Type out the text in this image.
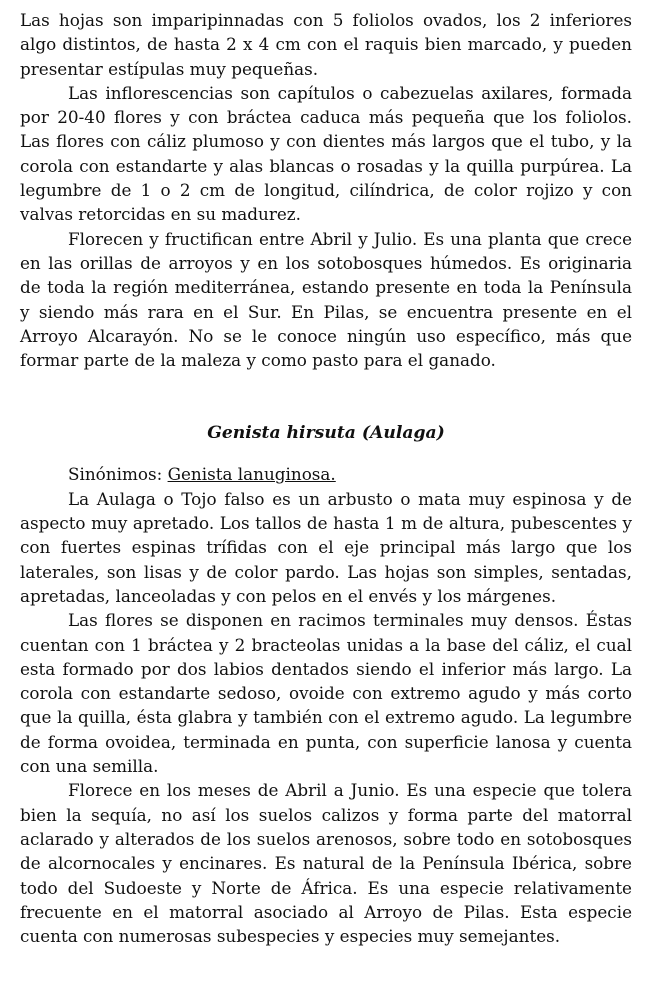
Las hojas son imparipinnadas con 5 foliolos ovados, los 2 inferiores algo distintos, de hasta 2 x 4 cm con el raquis bien marcado, y pueden presentar estípulas muy pequeñas.

Las inflorescencias son capítulos o cabezuelas axilares, formada por 20-40 flores y con bráctea caduca más pequeña que los foliolos. Las flores con cáliz plumoso y con dientes más largos que el tubo, y la corola con estandarte y alas blancas o rosadas y la quilla purpúrea. La legumbre de 1 o 2 cm de longitud, cilíndrica, de color rojizo y con valvas retorcidas en su madurez.

Florecen y fructifican entre Abril y Julio. Es una planta que crece en las orillas de arroyos y en los sotobosques húmedos. Es originaria de toda la región mediterránea, estando presente en toda la Península y siendo más rara en el Sur. En Pilas, se encuentra presente en el Arroyo Alcarayón. No se le conoce ningún uso específico, más que formar parte de la maleza y como pasto para el ganado.

Genista hirsuta (Aulaga)

Sinónimos: Genista lanuginosa.

La Aulaga o Tojo falso es un arbusto o mata muy espinosa y de aspecto muy apretado. Los tallos de hasta 1 m de altura, pubescentes y con fuertes espinas trífidas con el eje principal más largo que los laterales, son lisas y de color pardo. Las hojas son simples, sentadas, apretadas, lanceoladas y con pelos en el envés y los márgenes.

Las flores se disponen en racimos terminales muy densos. Éstas cuentan con 1 bráctea y 2 bracteolas unidas a la base del cáliz, el cual esta formado por dos labios dentados siendo el inferior más largo. La corola con estandarte sedoso, ovoide con extremo agudo y más corto que la quilla, ésta glabra y también con el extremo agudo. La legumbre de forma ovoidea, terminada en punta, con superficie lanosa y cuenta con una semilla.

Florece en los meses de Abril a Junio. Es una especie que tolera bien la sequía, no así los suelos calizos y forma parte del matorral aclarado y alterados de los suelos arenosos, sobre todo en sotobosques de alcornocales y encinares. Es natural de la Península Ibérica, sobre todo del Sudoeste y Norte de África. Es una especie relativamente frecuente en el matorral asociado al Arroyo de Pilas. Esta especie cuenta con numerosas subespecies y especies muy semejantes.
